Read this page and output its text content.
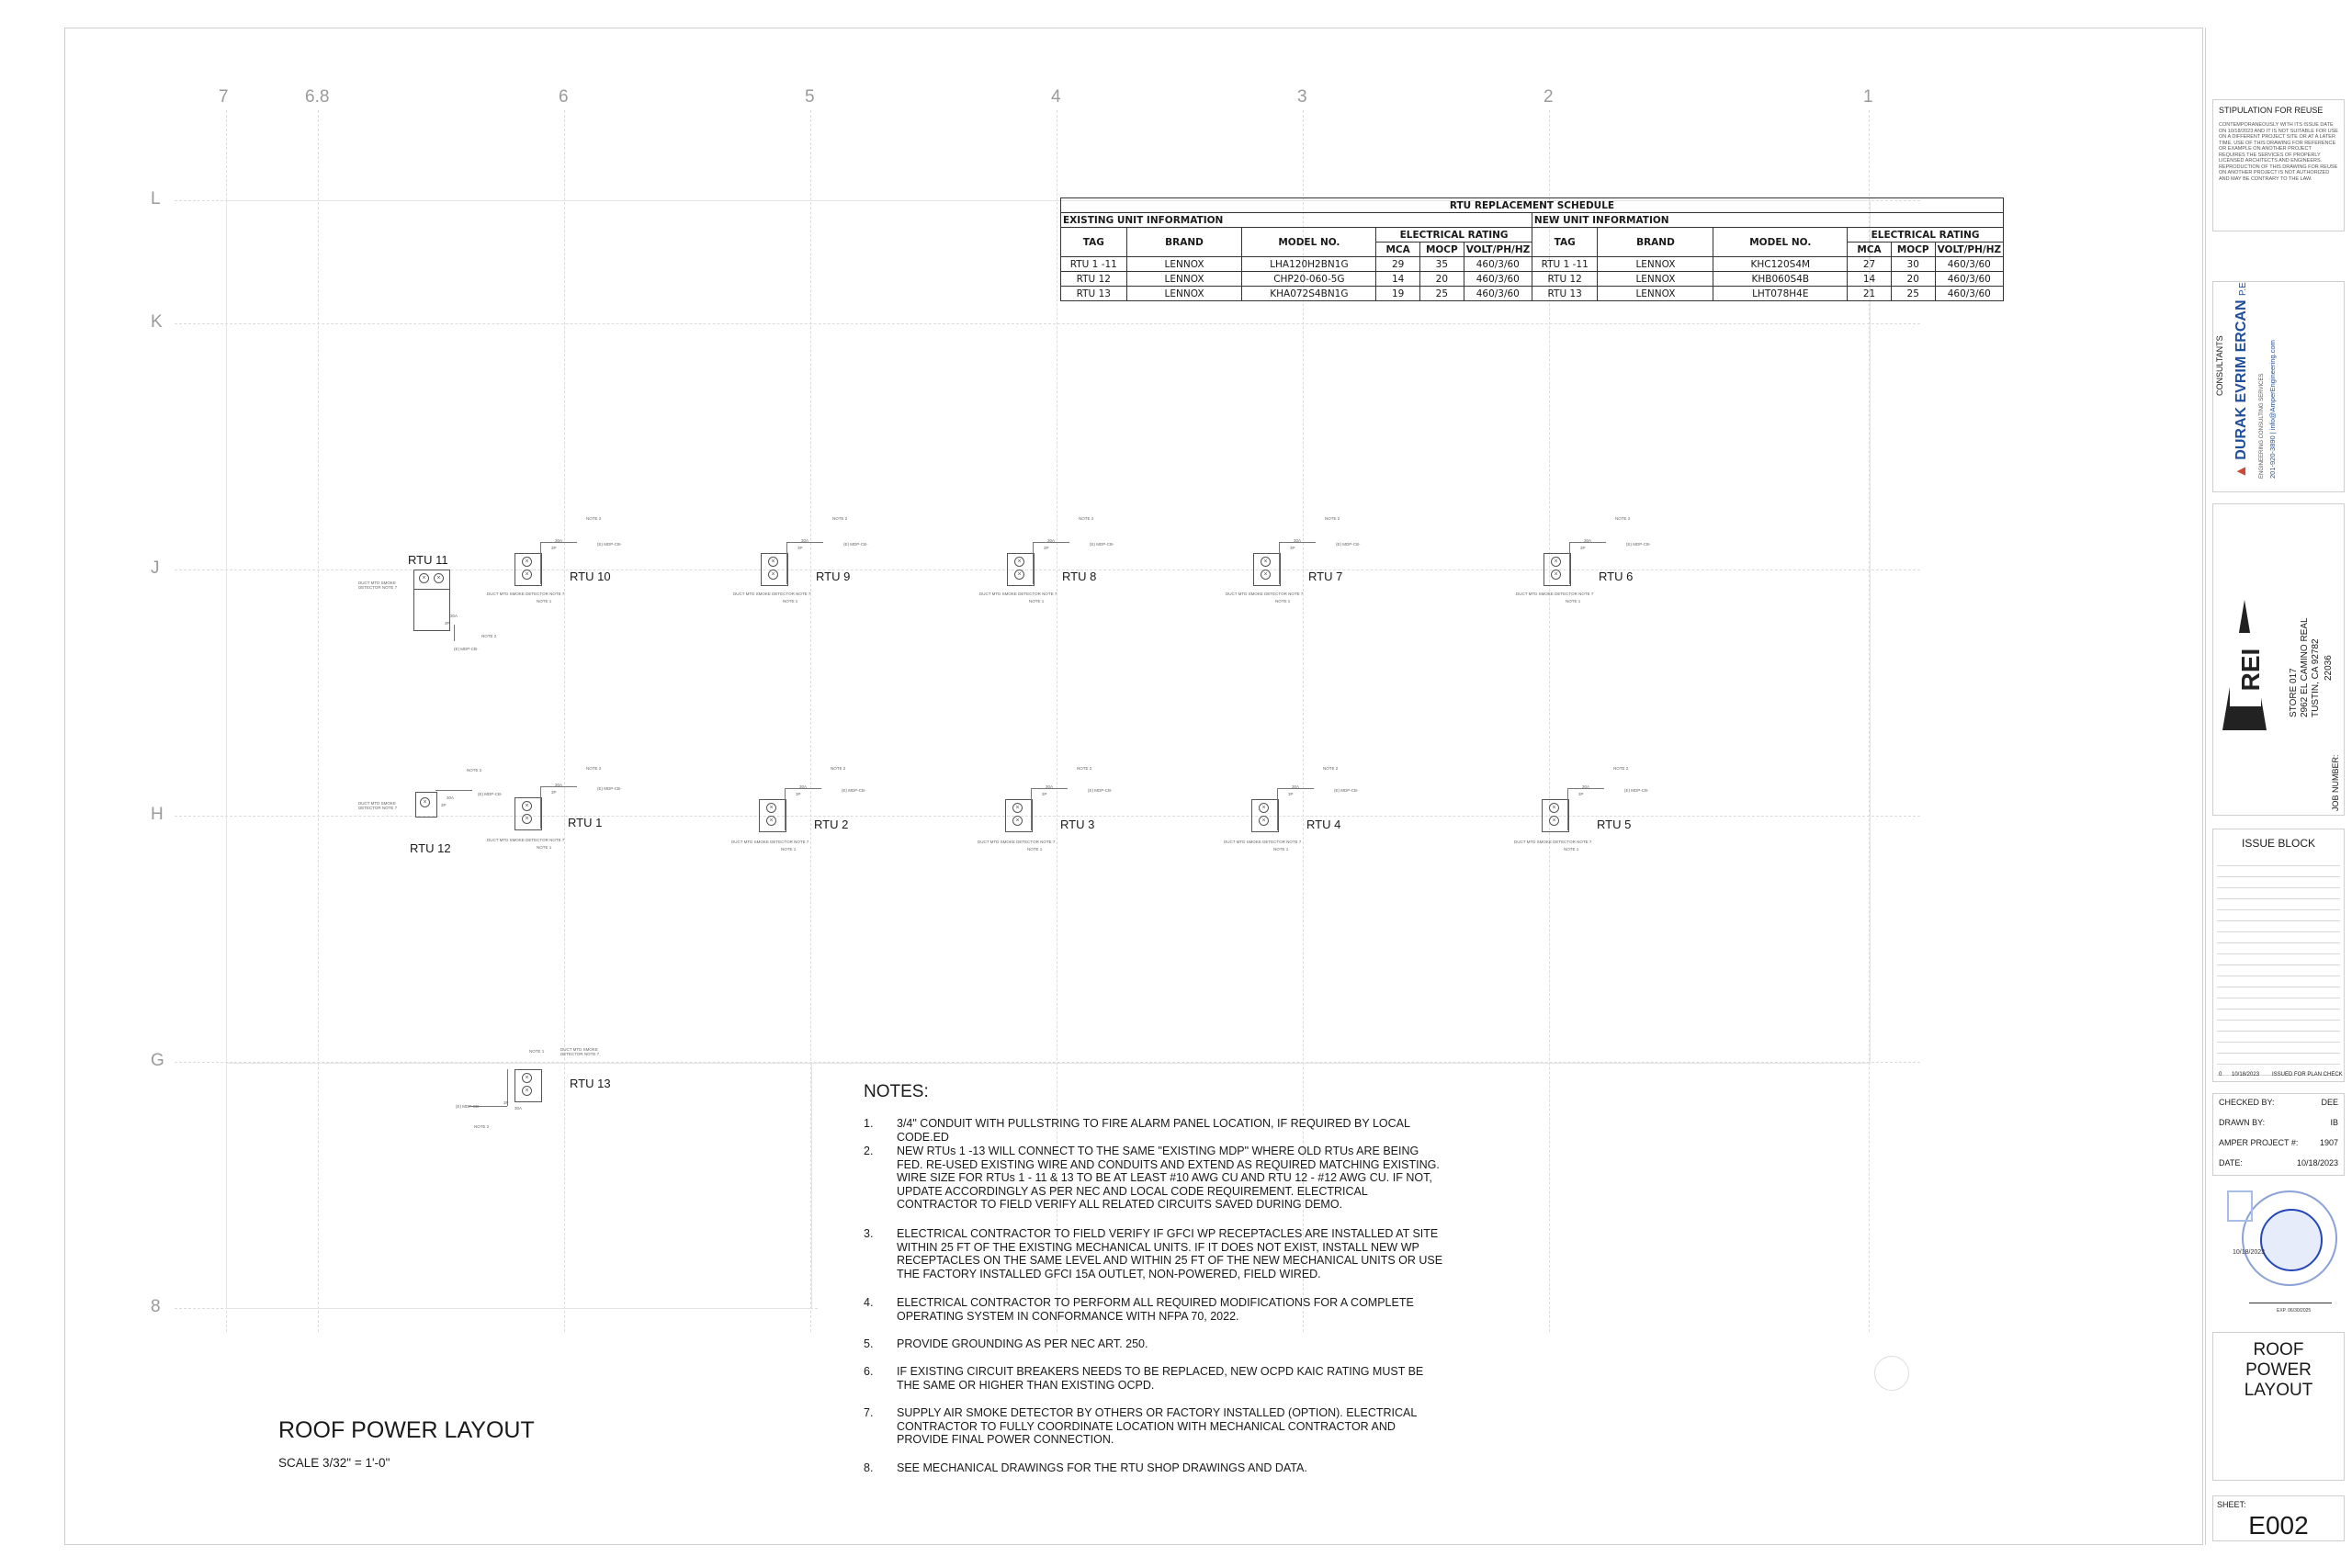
7	6.8	6	5	4	3	2	1
L
K
J
H
G
8
RTU REPLACEMENT SCHEDULE											
EXISTING UNIT INFORMATION						NEW UNIT INFORMATION					
TAG	BRAND	MODEL NO.	ELECTRICAL RATING			TAG	BRAND	MODEL NO.	ELECTRICAL RATING		
			MCA	MOCP	VOLT/PH/HZ				MCA	MOCP	VOLT/PH/HZ
RTU 1 -11	LENNOX	LHA120H2BN1G	29	35	460/3/60	RTU 1 -11	LENNOX	KHC120S4M	27	30	460/3/60
RTU 12	LENNOX	CHP20-060-5G	14	20	460/3/60	RTU 12	LENNOX	KHB060S4B	14	20	460/3/60
RTU 13	LENNOX	KHA072S4BN1G	19	25	460/3/60	RTU 13	LENNOX	LHT078H4E	21	25	460/3/60
RTU 11
×	×
DUCT MTD SMOKE DETECTOR NOTE 7
30A
3P
NOTE 2
(E) MDP-CB-
×
×	RTU 10
NOTE 2
30A
3P
(E) MDP-CB-
DUCT MTD SMOKE DETECTOR NOTE 7
NOTE 1
×
×	RTU 9
NOTE 2
30A
3P
(E) MDP-CB-
DUCT MTD SMOKE DETECTOR NOTE 7
NOTE 1
×
×	RTU 8
NOTE 2
30A
3P
(E) MDP-CB-
DUCT MTD SMOKE DETECTOR NOTE 7
NOTE 1
×
×	RTU 7
NOTE 2
30A
3P
(E) MDP-CB-
DUCT MTD SMOKE DETECTOR NOTE 7
NOTE 1
×
×	RTU 6
NOTE 2
30A
3P
(E) MDP-CB-
DUCT MTD SMOKE DETECTOR NOTE 7
NOTE 1
×
DUCT MTD SMOKE DETECTOR NOTE 7
30A
3P
NOTE 2
(E) MDP-CB-
RTU 12
×
×	RTU 1
NOTE 2
30A
3P
(E) MDP-CB-
DUCT MTD SMOKE DETECTOR NOTE 7
NOTE 1
×
×	RTU 2
NOTE 2
30A
3P
(E) MDP-CB-
DUCT MTD SMOKE DETECTOR NOTE 7
NOTE 1
×
×	RTU 3
NOTE 2
30A
3P
(E) MDP-CB-
DUCT MTD SMOKE DETECTOR NOTE 7
NOTE 1
×
×	RTU 4
NOTE 2
30A
3P
(E) MDP-CB-
DUCT MTD SMOKE DETECTOR NOTE 7
NOTE 1
×
×	RTU 5
NOTE 2
30A
3P
(E) MDP-CB-
DUCT MTD SMOKE DETECTOR NOTE 7
NOTE 1
NOTE 1	DUCT MTD SMOKE DETECTOR NOTE 7
×
×
RTU 13
3P
30A
(E) MDP-CB-
NOTE 2
NOTES:
1. 3/4" CONDUIT WITH PULLSTRING TO FIRE ALARM PANEL LOCATION, IF REQUIRED BY LOCAL CODE.ED
2. NEW RTUs 1 -13 WILL CONNECT TO THE SAME "EXISTING MDP" WHERE OLD RTUs ARE BEING FED. RE-USED EXISTING WIRE AND CONDUITS AND EXTEND AS REQUIRED MATCHING EXISTING. WIRE SIZE FOR RTUs 1 - 11 & 13 TO BE AT LEAST #10 AWG CU AND RTU 12 - #12 AWG CU. IF NOT, UPDATE ACCORDINGLY AS PER NEC AND LOCAL CODE REQUIREMENT. ELECTRICAL CONTRACTOR TO FIELD VERIFY ALL RELATED CIRCUITS SAVED DURING DEMO.
3. ELECTRICAL CONTRACTOR TO FIELD VERIFY IF GFCI WP RECEPTACLES ARE INSTALLED AT SITE WITHIN 25 FT OF THE EXISTING MECHANICAL UNITS. IF IT DOES NOT EXIST, INSTALL NEW WP RECEPTACLES ON THE SAME LEVEL AND WITHIN 25 FT OF THE NEW MECHANICAL UNITS OR USE THE FACTORY INSTALLED GFCI 15A OUTLET, NON-POWERED, FIELD WIRED.
4. ELECTRICAL CONTRACTOR TO PERFORM ALL REQUIRED MODIFICATIONS FOR A COMPLETE OPERATING SYSTEM IN CONFORMANCE WITH NFPA 70, 2022.
5. PROVIDE GROUNDING AS PER NEC ART. 250.
6. IF EXISTING CIRCUIT BREAKERS NEEDS TO BE REPLACED, NEW OCPD KAIC RATING MUST BE THE SAME OR HIGHER THAN EXISTING OCPD.
7. SUPPLY AIR SMOKE DETECTOR BY OTHERS OR FACTORY INSTALLED (OPTION). ELECTRICAL CONTRACTOR TO FULLY COORDINATE LOCATION WITH MECHANICAL CONTRACTOR AND PROVIDE FINAL POWER CONNECTION.
8. SEE MECHANICAL DRAWINGS FOR THE RTU SHOP DRAWINGS AND DATA.
ROOF POWER LAYOUT
SCALE 3/32" = 1'-0"
STIPULATION FOR REUSE
CONTEMPORANEOUSLY WITH ITS ISSUE DATE ON 10/18/2023 AND IT IS NOT SUITABLE FOR USE ON A DIFFERENT PROJECT SITE OR AT A LATER TIME. USE OF THIS DRAWING FOR REFERENCE OR EXAMPLE ON ANOTHER PROJECT REQUIRES THE SERVICES OF PROPERLY LICENSED ARCHITECTS AND ENGINEERS. REPRODUCTION OF THIS DRAWING FOR REUSE ON ANOTHER PROJECT IS NOT AUTHORIZED AND MAY BE CONTRARY TO THE LAW.
CONSULTANTS
▲ DURAK EVRIM ERCAN P.E
ENGINEERING CONSULTING SERVICES 201-920-3890 | info@AmperEngineering.com
REI	STORE 017 2962 EL CAMINO REAL TUSTIN, CA 92782 22036
JOB NUMBER:
ISSUE BLOCK
0 10/18/2023 ISSUED FOR PLAN CHECK
CHECKED BY:	DEE
DRAWN BY:	IB
AMPER PROJECT #:	1907
DATE:	10/18/2023
10/18/2023
EXP. 06/30/2025
ROOF POWER LAYOUT
SHEET:
E002
